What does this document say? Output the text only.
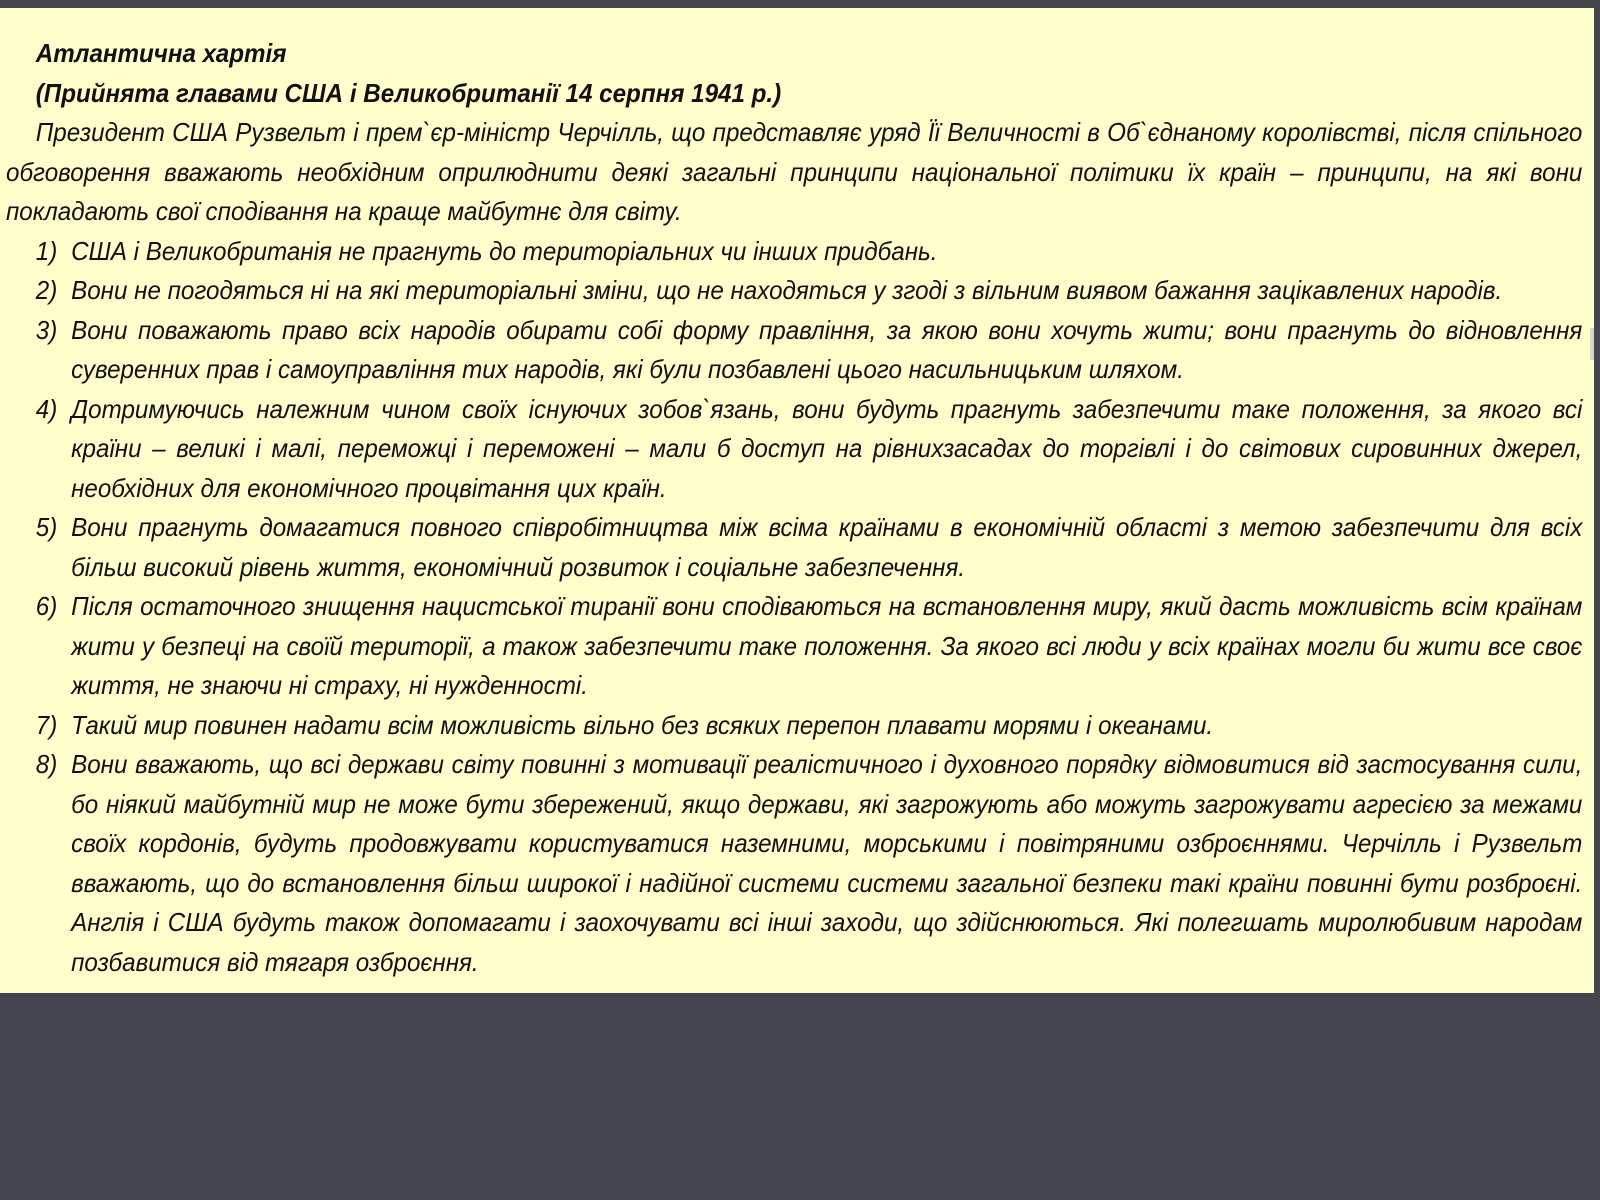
Атлантична хартія
(Прийнята главами США і Великобританії 14 серпня 1941 р.)

Президент США Рузвельт і прем`єр-міністр Черчілль, що представляє уряд Її Величності в Об`єднаному королівстві, після спільного обговорення вважають необхідним оприлюднити деякі загальні принципи національної політики їх країн – принципи, на які вони покладають свої сподівання на краще майбутнє для світу.

1) США і Великобританія не прагнуть до територіальних чи інших придбань.
2) Вони не погодяться ні на які територіальні зміни, що не находяться у згоді з вільним виявом бажання зацікавлених народів.
3) Вони поважають право всіх народів обирати собі форму правління, за якою вони хочуть жити; вони прагнуть до відновлення суверенних прав і самоуправління тих народів, які були позбавлені цього насильницьким шляхом.
4) Дотримуючись належним чином своїх існуючих зобов`язань, вони будуть прагнуть забезпечити таке положення, за якого всі країни – великі і малі, переможці і переможені – мали б доступ на рівнихзасадах до торгівлі і до світових сировинних джерел, необхідних для економічного процвітання цих країн.
5) Вони прагнуть домагатися повного співробітництва між всіма країнами в економічній області з метою забезпечити для всіх більш високий рівень життя, економічний розвиток і соціальне забезпечення.
6) Після остаточного знищення нацистської тиранії вони сподіваються на встановлення миру, який дасть можливість всім країнам жити у безпеці на своїй території, а також забезпечити таке положення. За якого всі люди у всіх країнах могли би жити все своє життя, не знаючи ні страху, ні нужденності.
7) Такий мир повинен надати всім можливість вільно без всяких перепон плавати морями і океанами.
8) Вони вважають, що всі держави світу повинні з мотивації реалістичного і духовного порядку відмовитися від застосування сили, бо ніякий майбутній мир не може бути збережений, якщо держави, які загрожують або можуть загрожувати агресією за межами своїх кордонів, будуть продовжувати користуватися наземними, морськими і повітряними озброєннями. Черчілль і Рузвельт вважають, що до встановлення більш широкої і надійної системи системи загальної безпеки такі країни повинні бути розброєні. Англія і США будуть також допомагати і заохочувати всі інші заходи, що здійснюються. Які полегшать миролюбивим народам позбавитися від тягаря озброєння.
